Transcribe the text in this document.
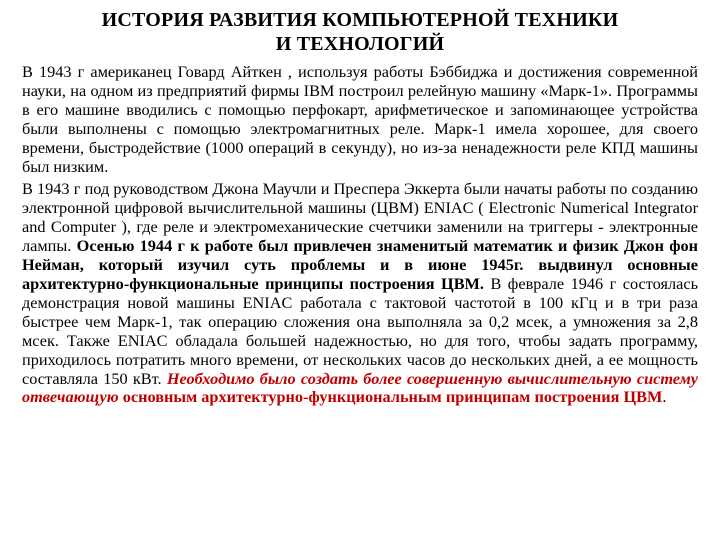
ИСТОРИЯ РАЗВИТИЯ КОМПЬЮТЕРНОЙ ТЕХНИКИ
И ТЕХНОЛОГИЙ

В 1943 г американец Говард Айткен , используя работы Бэббиджа и достижения современной науки, на одном из предприятий фирмы IBM построил релейную машину «Марк-1». Программы в его машине вводились с помощью перфокарт, арифметическое и запоминающее устройства были выполнены с помощью электромагнитных реле. Марк-1 имела хорошее, для своего времени, быстродействие (1000 операций в секунду), но из-за ненадежности реле КПД машины был низким.

В 1943 г под руководством Джона Маучли и Преспера Эккерта были начаты работы по созданию электронной цифровой вычислительной машины (ЦВМ) ENIAC ( Electronic Numerical Integrator and Computer ), где реле и электромеханические счетчики заменили на триггеры - электронные лампы. Осенью 1944 г к работе был привлечен знаменитый математик и физик Джон фон Нейман, который изучил суть проблемы и в июне 1945г. выдвинул основные архитектурно-функциональные принципы построения ЦВМ. В феврале 1946 г состоялась демонстрация новой машины ENIAC работала с тактовой частотой в 100 кГц и в три раза быстрее чем Марк-1, так операцию сложения она выполняла за 0,2 мсек, а умножения за 2,8 мсек. Также ENIAC обладала большей надежностью, но для того, чтобы задать программу, приходилось потратить много времени, от нескольких часов до нескольких дней, а ее мощность составляла 150 кВт. Необходимо было создать более совершенную вычислительную систему отвечающую основным архитектурно-функциональным принципам построения ЦВМ.
